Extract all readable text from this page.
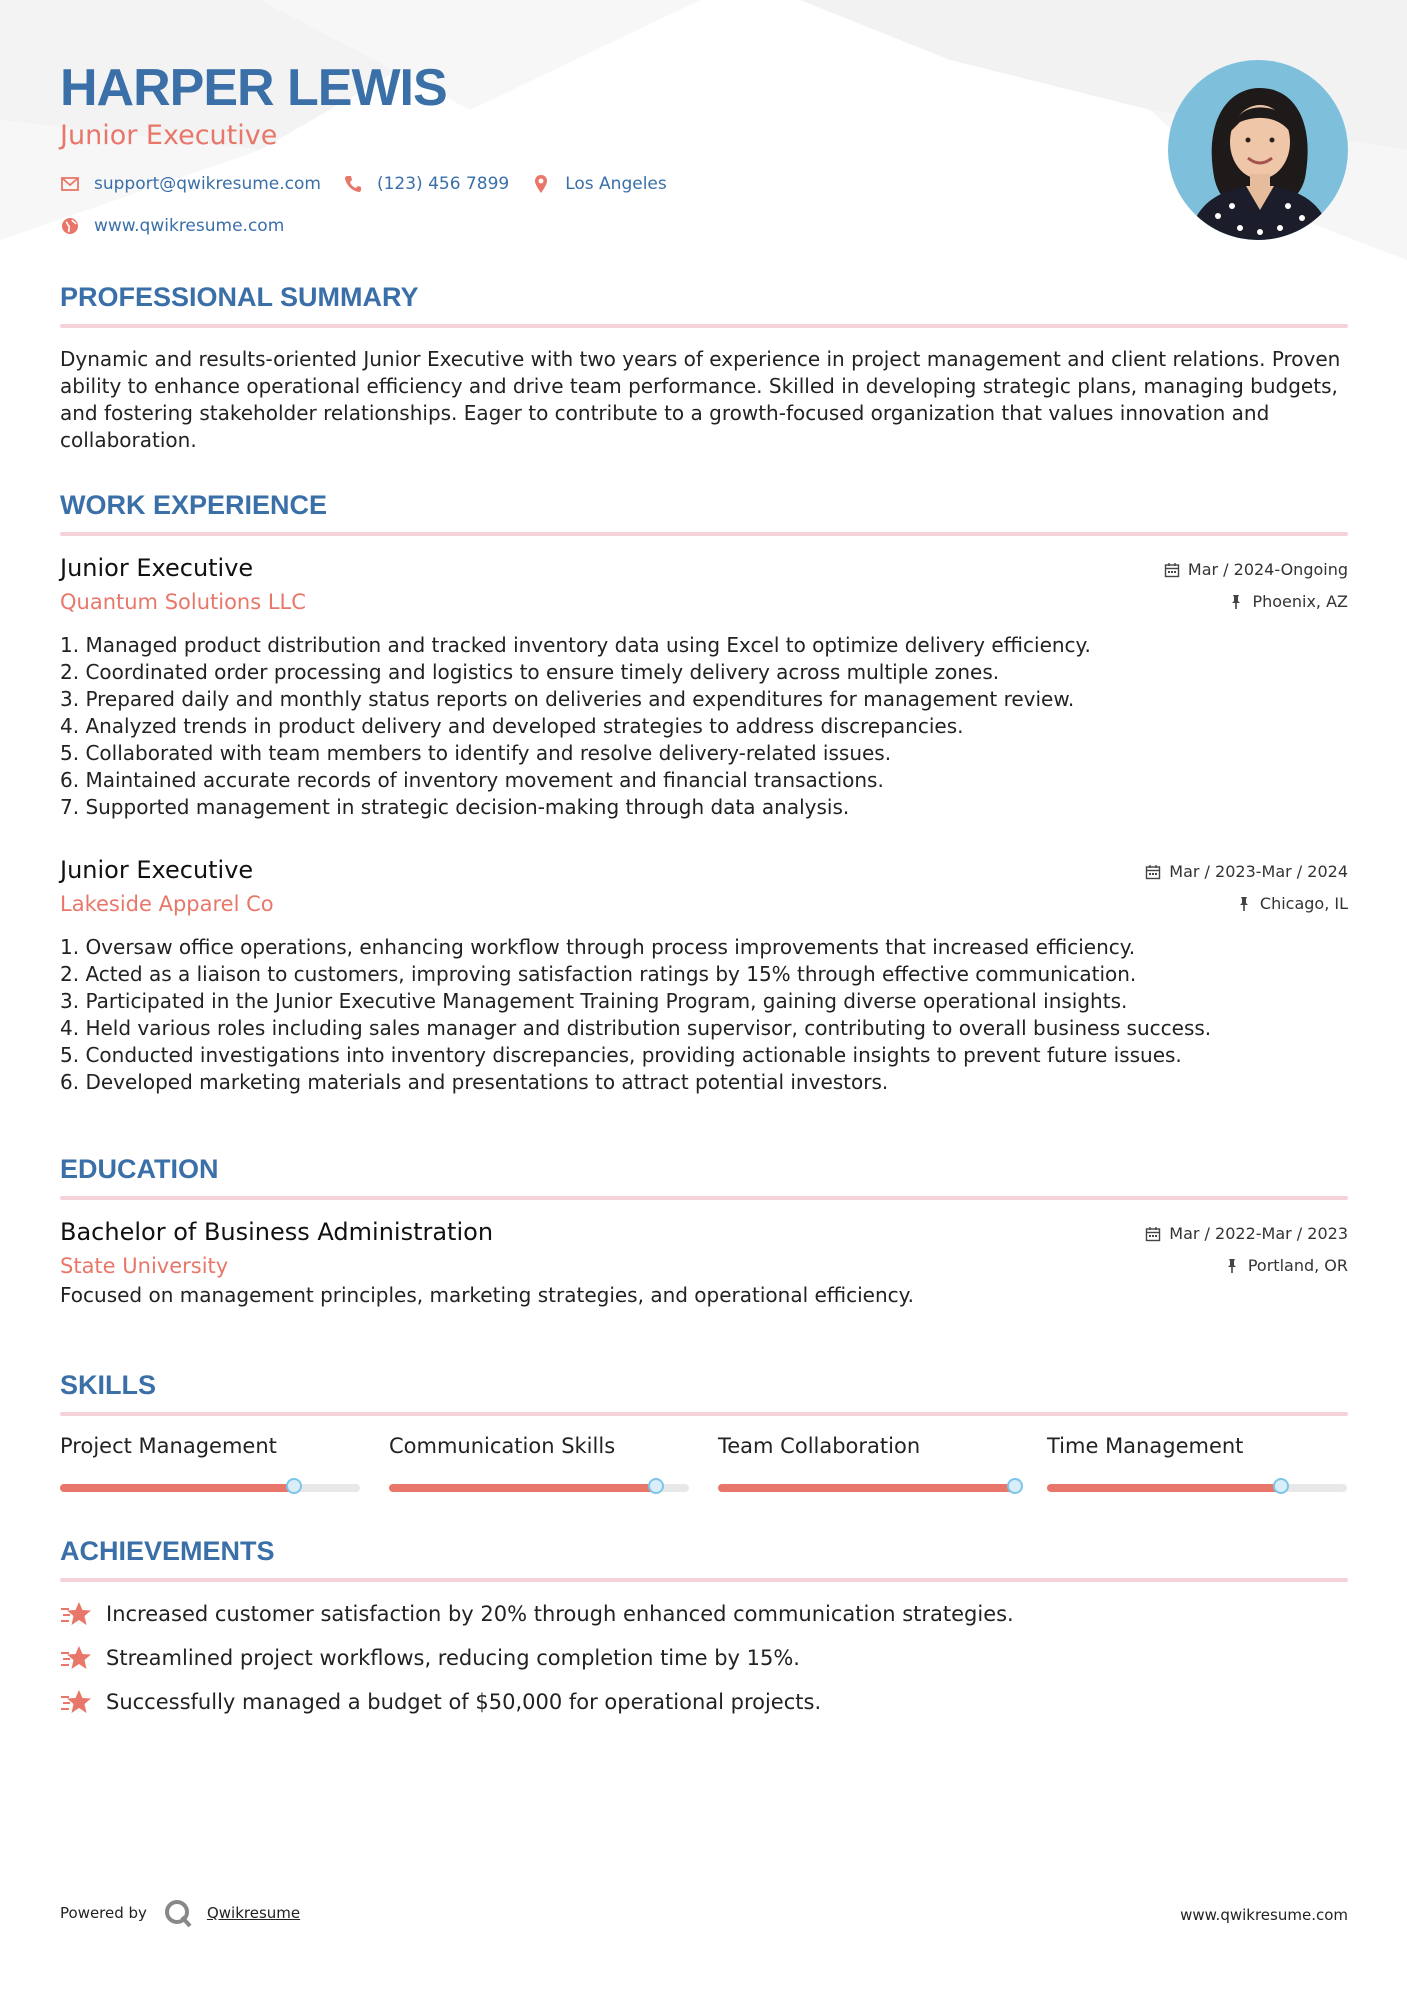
HARPER LEWIS
Junior Executive
support@qwikresume.com	(123) 456 7899	Los Angeles
www.qwikresume.com
PROFESSIONAL SUMMARY
Dynamic and results-oriented Junior Executive with two years of experience in project management and client relations. Proven ability to enhance operational efficiency and drive team performance. Skilled in developing strategic plans, managing budgets, and fostering stakeholder relationships. Eager to contribute to a growth-focused organization that values innovation and collaboration.
WORK EXPERIENCE
Junior Executive
Quantum Solutions LLC
Mar / 2024-Ongoing
Phoenix, AZ
1. Managed product distribution and tracked inventory data using Excel to optimize delivery efficiency.
2. Coordinated order processing and logistics to ensure timely delivery across multiple zones.
3. Prepared daily and monthly status reports on deliveries and expenditures for management review.
4. Analyzed trends in product delivery and developed strategies to address discrepancies.
5. Collaborated with team members to identify and resolve delivery-related issues.
6. Maintained accurate records of inventory movement and financial transactions.
7. Supported management in strategic decision-making through data analysis.
Junior Executive
Lakeside Apparel Co
Mar / 2023-Mar / 2024
Chicago, IL
1. Oversaw office operations, enhancing workflow through process improvements that increased efficiency.
2. Acted as a liaison to customers, improving satisfaction ratings by 15% through effective communication.
3. Participated in the Junior Executive Management Training Program, gaining diverse operational insights.
4. Held various roles including sales manager and distribution supervisor, contributing to overall business success.
5. Conducted investigations into inventory discrepancies, providing actionable insights to prevent future issues.
6. Developed marketing materials and presentations to attract potential investors.
EDUCATION
Bachelor of Business Administration
State University
Mar / 2022-Mar / 2023
Portland, OR
Focused on management principles, marketing strategies, and operational efficiency.
SKILLS
Project Management	Communication Skills	Team Collaboration	Time Management
ACHIEVEMENTS
Increased customer satisfaction by 20% through enhanced communication strategies.
Streamlined project workflows, reducing completion time by 15%.
Successfully managed a budget of $50,000 for operational projects.
Powered by	Qwikresume	www.qwikresume.com
